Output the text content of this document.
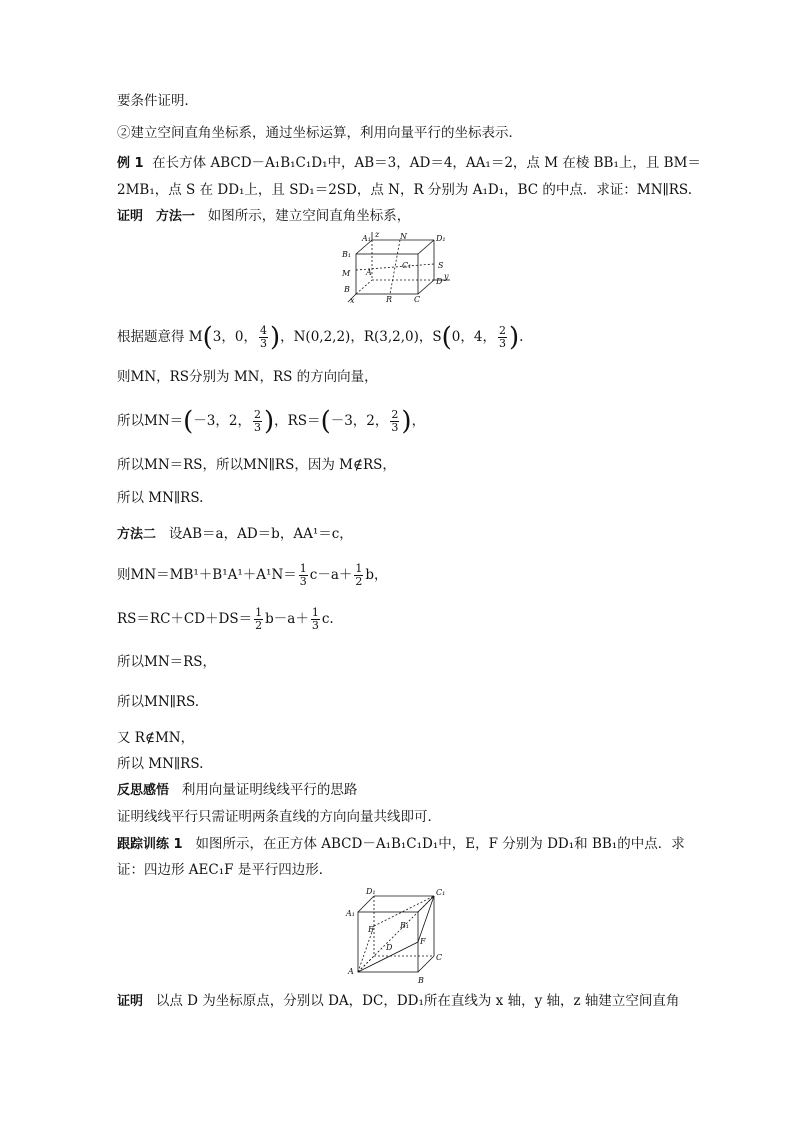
要条件证明．
②建立空间直角坐标系，通过坐标运算，利用向量平行的坐标表示．
例 1 在长方体 ABCD－A₁B₁C₁D₁中，AB＝3，AD＝4，AA₁＝2，点 M 在棱 BB₁上，且 BM＝
2MB₁，点 S 在 DD₁上，且 SD₁＝2SD，点 N，R 分别为 A₁D₁，BC 的中点．求证：MN∥RS.
证明 方法一 如图所示，建立空间直角坐标系，
A₁	N	D₁
z
B₁
C₁	S
M A
D
y
B
R	C
x
根据题意得 M(3，0， $\frac{4}{3}$ )，N(0,2,2)，R(3,2,0)，S(0，4， $\frac{2}{3}$ ).
则MN，RS分别为 MN，RS 的方向向量，
所以MN＝(－3，2， $\frac{2}{3}$ )，RS＝(－3，2， $\frac{2}{3}$ )，
所以MN＝RS，所以MN∥RS，因为 M∉RS，
所以 MN∥RS.
方法二 设AB＝a，AD＝b，AA¹＝c，
则$MN=MB^1+B^1A^1+A^1N= \frac{1}{3} c-a+ \frac{1}{2}$ b，
$RS=RC+CD+DS= \frac{1}{2} b-a+ \frac{1}{3} c$.
所以MN＝RS，
所以MN∥RS.
又 R∉MN，
所以 MN∥RS.
反思感悟 利用向量证明线线平行的思路
证明线线平行只需证明两条直线的方向向量共线即可．
跟踪训练 1 如图所示，在正方体 ABCD－A₁B₁C₁D₁中，E，F 分别为 DD₁和 BB₁的中点．求
证：四边形 AEC₁F 是平行四边形．
D₁	C₁
A₁
E	B₁
D
F
C
A
B
证明 以点 D 为坐标原点，分别以 DA，DC，DD₁所在直线为 x 轴，y 轴，z 轴建立空间直角
